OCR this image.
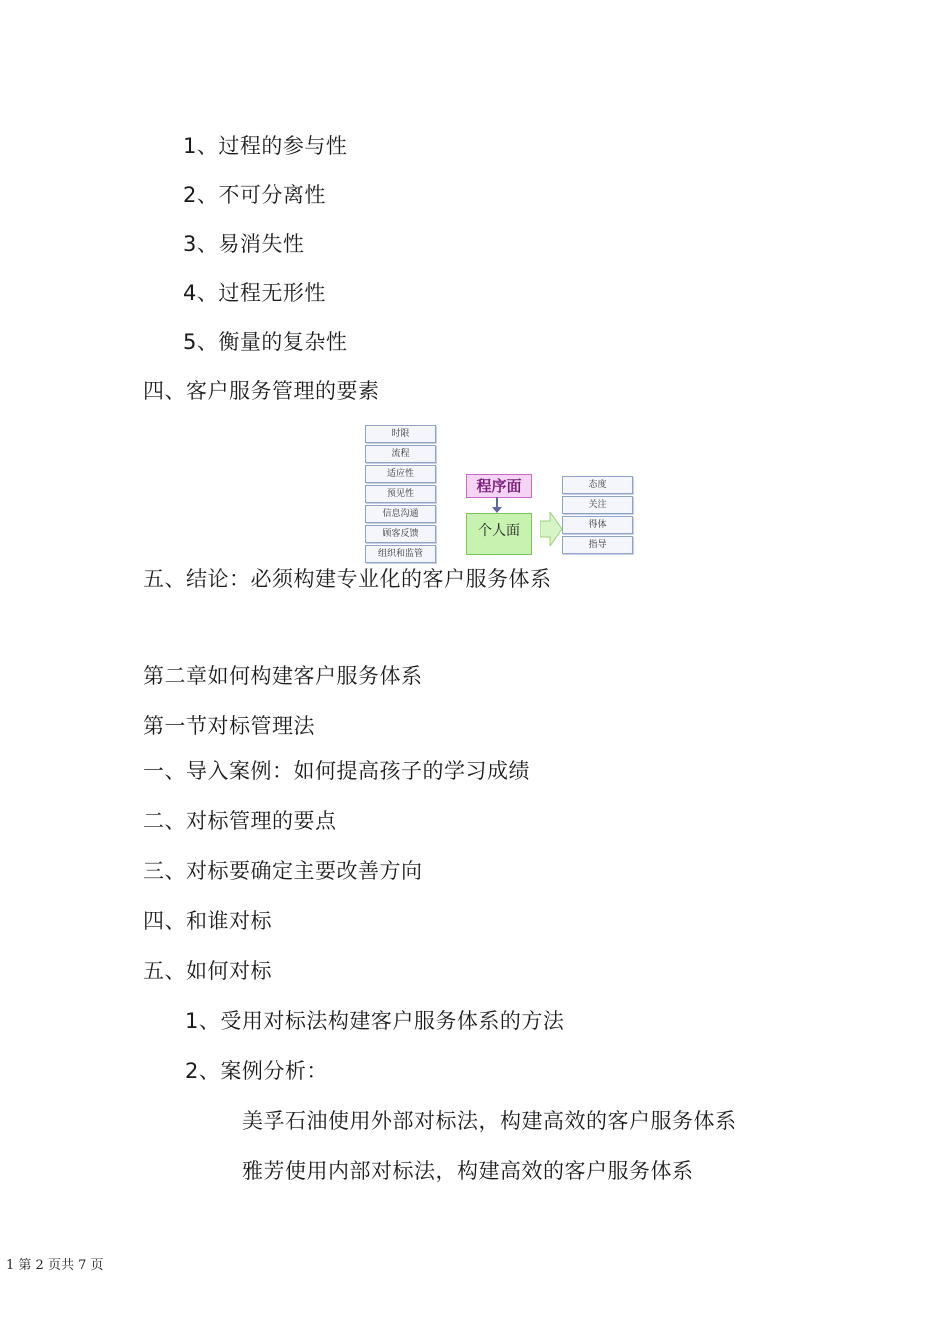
1、过程的参与性
2、不可分离性
3、易消失性
4、过程无形性
5、衡量的复杂性
四、客户服务管理的要素
时限
流程
适应性
预见性
信息沟通
顾客反馈
组织和监管
程序面
个人面
态度
关注
得体
指导
五、结论：必须构建专业化的客户服务体系
第二章如何构建客户服务体系
第一节对标管理法
一、导入案例：如何提高孩子的学习成绩
二、对标管理的要点
三、对标要确定主要改善方向
四、和谁对标
五、如何对标
1、受用对标法构建客户服务体系的方法
2、案例分析：
美孚石油使用外部对标法，构建高效的客户服务体系
雅芳使用内部对标法，构建高效的客户服务体系
1 第 2 页共 7 页
